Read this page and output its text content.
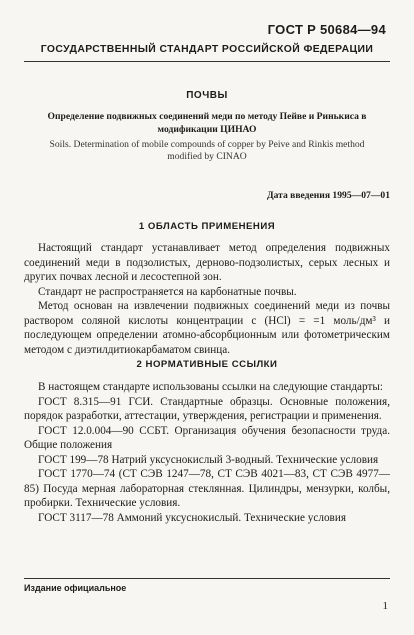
ГОСТ Р 50684—94
ГОСУДАРСТВЕННЫЙ СТАНДАРТ РОССИЙСКОЙ ФЕДЕРАЦИИ
ПОЧВЫ
Определение подвижных соединений меди по методу Пейве и Ринькиса в модификации ЦИНАО
Soils. Determination of mobile compounds of copper by Peive and Rinkis method modified by CINAO
Дата введения 1995—07—01
1 ОБЛАСТЬ ПРИМЕНЕНИЯ

Настоящий стандарт устанавливает метод определения подвижных соединений меди в подзолистых, дерново-подзолистых, серых лесных и других почвах лесной и лесостепной зон.

Стандарт не распространяется на карбонатные почвы.

Метод основан на извлечении подвижных соединений меди из почвы раствором соляной кислоты концентрации c (HCl) = =1 моль/дм³ и последующем определении атомно-абсорбционным или фотометрическим методом с диэтилдитиокарбаматом свинца.

2 НОРМАТИВНЫЕ ССЫЛКИ

В настоящем стандарте использованы ссылки на следующие стандарты:

ГОСТ 8.315—91 ГСИ. Стандартные образцы. Основные положения, порядок разработки, аттестации, утверждения, регистрации и применения.

ГОСТ 12.0.004—90 ССБТ. Организация обучения безопасности труда. Общие положения

ГОСТ 199—78 Натрий уксуснокислый 3-водный. Технические условия

ГОСТ 1770—74 (СТ СЭВ 1247—78, СТ СЭВ 4021—83, СТ СЭВ 4977—85) Посуда мерная лабораторная стеклянная. Цилиндры, мензурки, колбы, пробирки. Технические условия.

ГОСТ 3117—78 Аммоний уксуснокислый. Технические условия

Издание официальное
1
